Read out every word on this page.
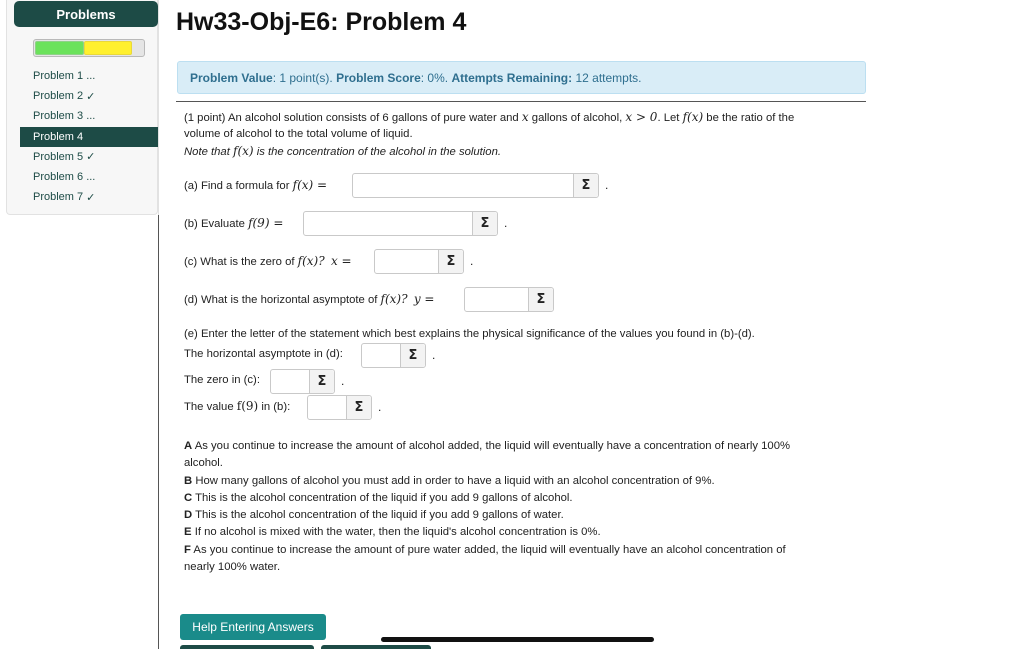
Problems
Problem 1 ...
Problem 2 ✓
Problem 3 ...
Problem 4
Problem 5 ✓
Problem 6 ...
Problem 7 ✓
Hw33-Obj-E6: Problem 4
Problem Value: 1 point(s). Problem Score: 0%. Attempts Remaining: 12 attempts.
(1 point) An alcohol solution consists of 6 gallons of pure water and x gallons of alcohol, x > 0. Let f(x) be the ratio of the
volume of alcohol to the total volume of liquid.
Note that f(x) is the concentration of the alcohol in the solution.
(a) Find a formula for f(x) =	Σ	.
(b) Evaluate f(9) =	Σ	.
(c) What is the zero of f(x)? x =	Σ	.
(d) What is the horizontal asymptote of f(x)? y =	Σ
(e) Enter the letter of the statement which best explains the physical significance of the values you found in (b)-(d).
The horizontal asymptote in (d):	Σ	.
The zero in (c):	Σ	.
The value f(9) in (b):	Σ	.
A As you continue to increase the amount of alcohol added, the liquid will eventually have a concentration of nearly 100%
alcohol.
B How many gallons of alcohol you must add in order to have a liquid with an alcohol concentration of 9%.
C This is the alcohol concentration of the liquid if you add 9 gallons of alcohol.
D This is the alcohol concentration of the liquid if you add 9 gallons of water.
E If no alcohol is mixed with the water, then the liquid's alcohol concentration is 0%.
F As you continue to increase the amount of pure water added, the liquid will eventually have an alcohol concentration of
nearly 100% water.
Help Entering Answers
